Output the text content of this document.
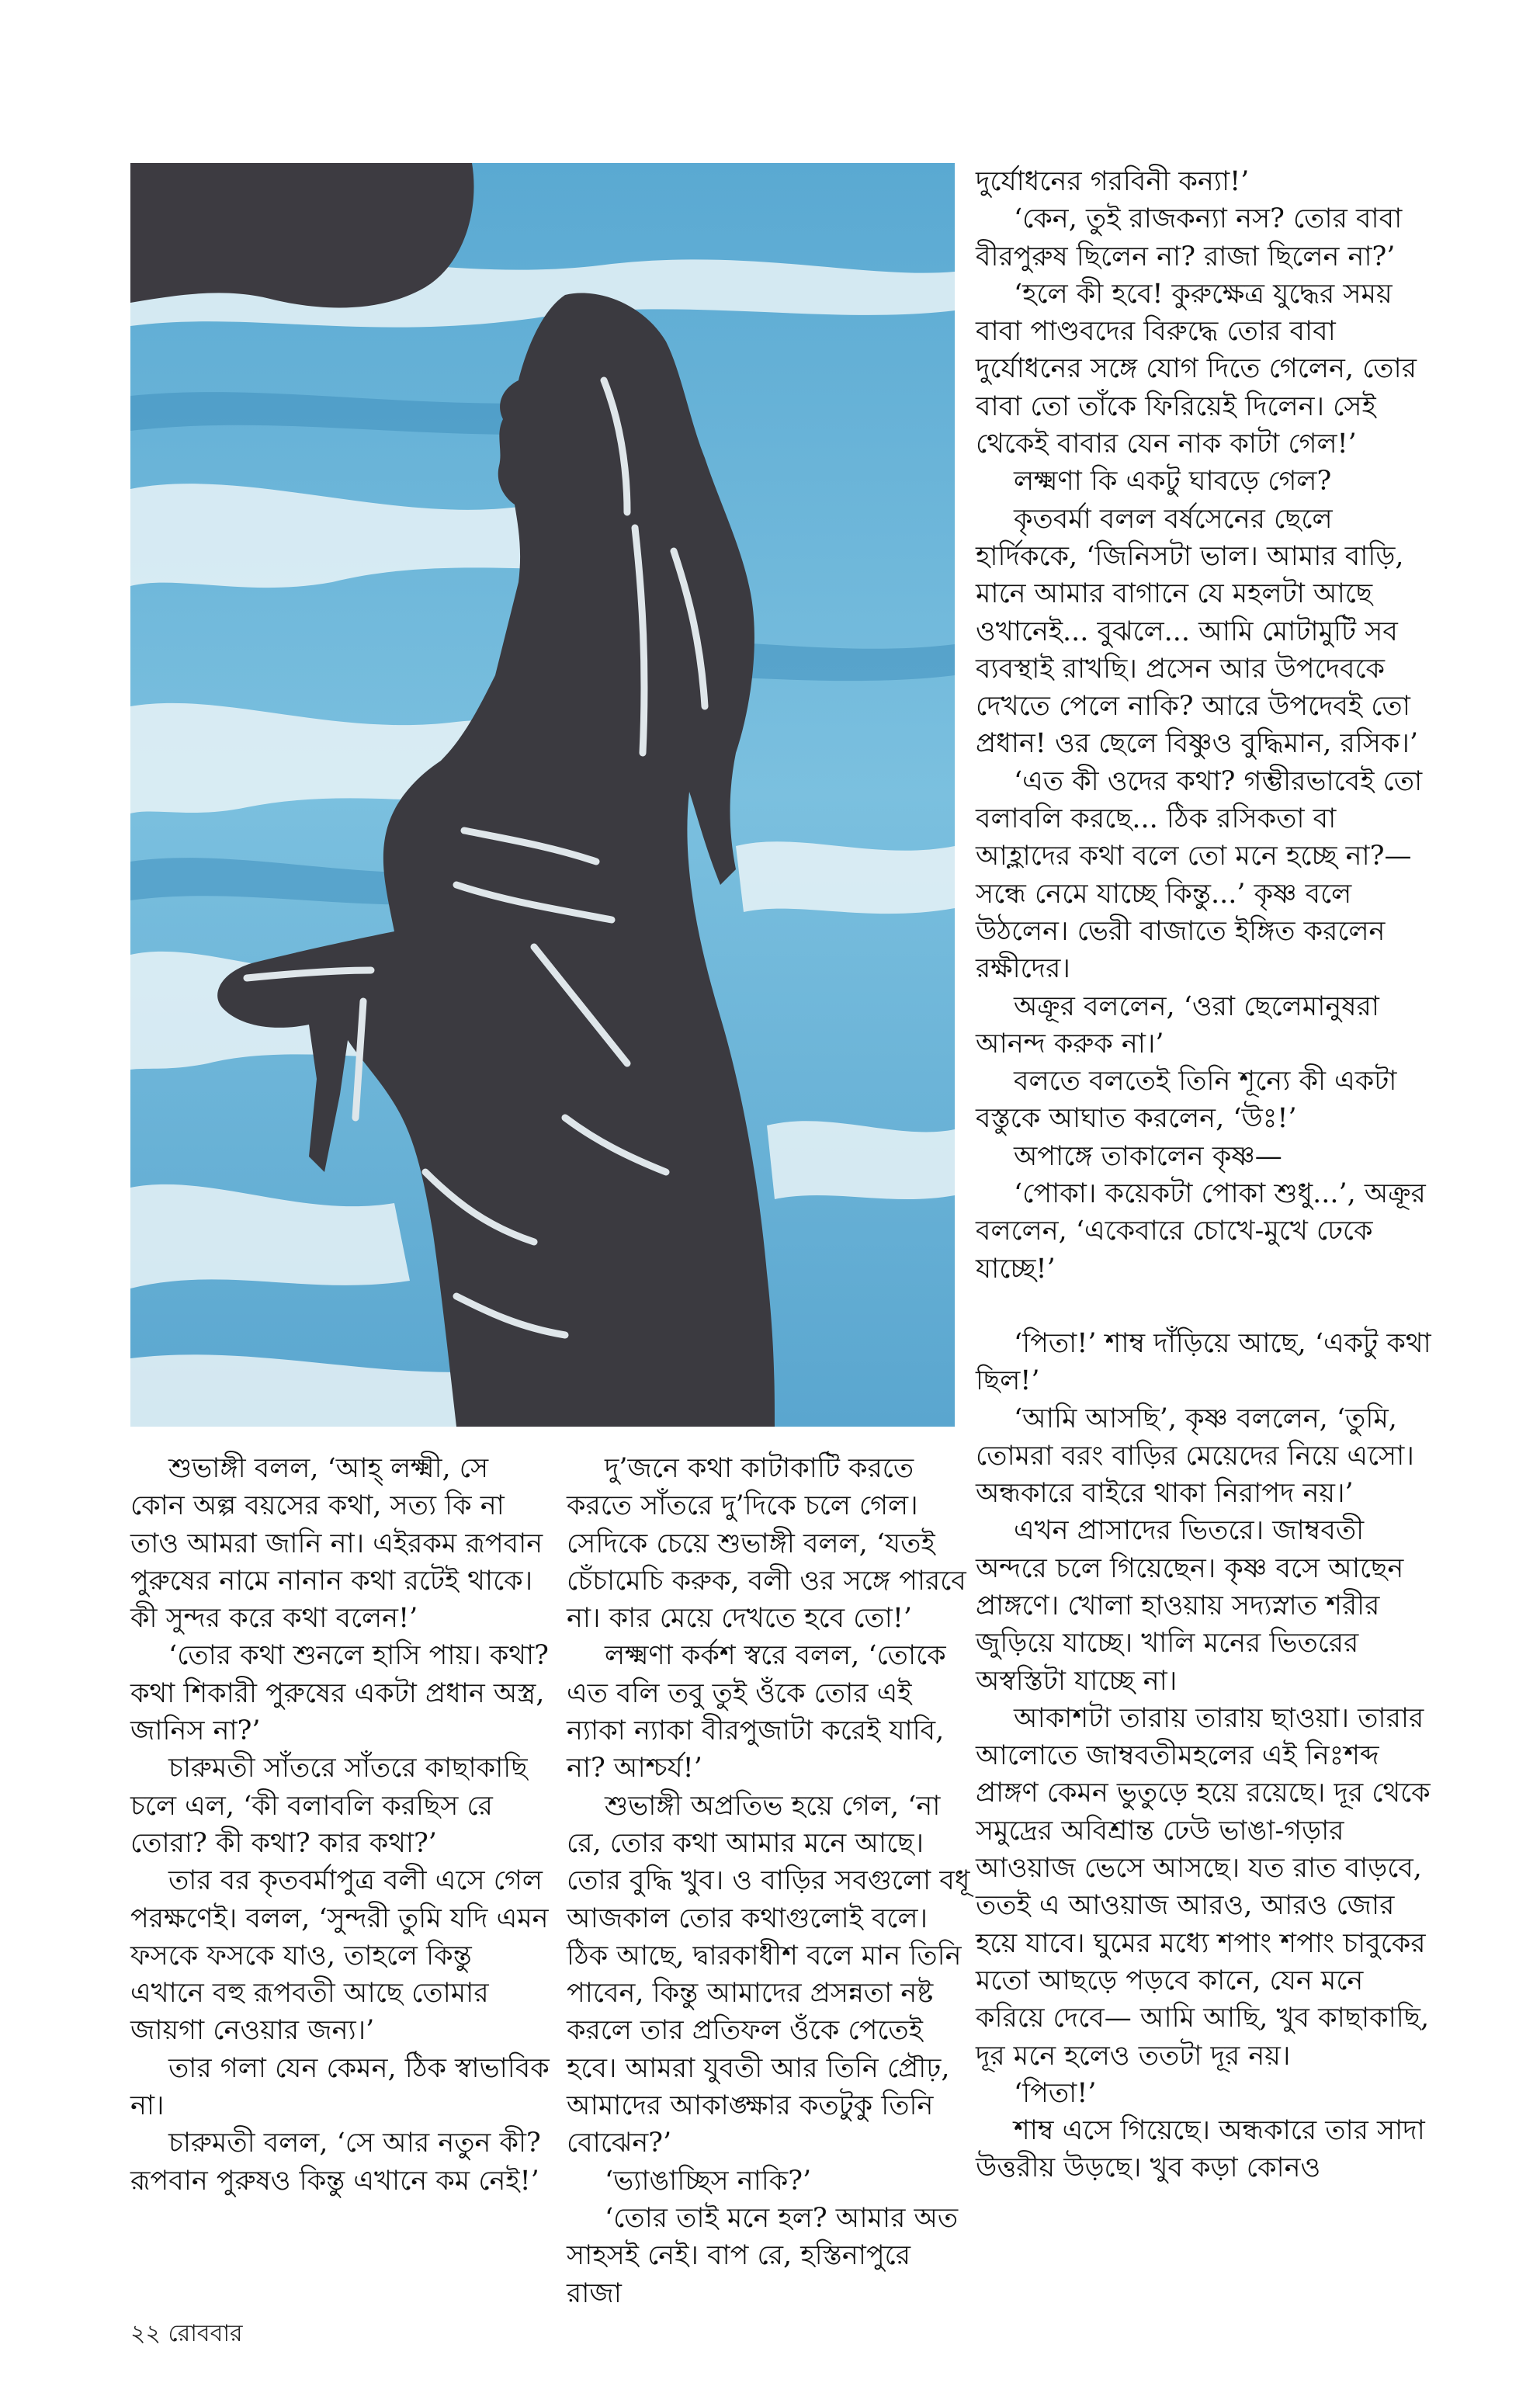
দুর্যোধনের গরবিনী কন্যা!’

‘কেন, তুই রাজকন্যা নস? তোর বাবা বীরপুরুষ ছিলেন না? রাজা ছিলেন না?’

‘হলে কী হবে! কুরুক্ষেত্র যুদ্ধের সময় বাবা পাণ্ডবদের বিরুদ্ধে তোর বাবা দুর্যোধনের সঙ্গে যোগ দিতে গেলেন, তোর বাবা তো তাঁকে ফিরিয়েই দিলেন। সেই থেকেই বাবার যেন নাক কাটা গেল!’

লক্ষ্মণা কি একটু ঘাবড়ে গেল?

কৃতবর্মা বলল বর্ষসেনের ছেলে হার্দিককে, ‘জিনিসটা ভাল। আমার বাড়ি, মানে আমার বাগানে যে মহলটা আছে ওখানেই... বুঝলে... আমি মোটামুটি সব ব্যবস্থাই রাখছি। প্রসেন আর উপদেবকে দেখতে পেলে নাকি? আরে উপদেবই তো প্রধান! ওর ছেলে বিষ্ণুও বুদ্ধিমান, রসিক।’

‘এত কী ওদের কথা? গম্ভীরভাবেই তো বলাবলি করছে... ঠিক রসিকতা বা আহ্লাদের কথা বলে তো মনে হচ্ছে না?—সন্ধে নেমে যাচ্ছে কিন্তু...’ কৃষ্ণ বলে উঠলেন। ভেরী বাজাতে ইঙ্গিত করলেন রক্ষীদের।

অক্রূর বললেন, ‘ওরা ছেলেমানুষরা আনন্দ করুক না।’

বলতে বলতেই তিনি শূন্যে কী একটা বস্তুকে আঘাত করলেন, ‘উঃ!’

অপাঙ্গে তাকালেন কৃষ্ণ—

‘পোকা। কয়েকটা পোকা শুধু...’, অক্রূর বললেন, ‘একেবারে চোখে-মুখে ঢেকে যাচ্ছে!’

‘পিতা!’ শাম্ব দাঁড়িয়ে আছে, ‘একটু কথা ছিল!’

‘আমি আসছি’, কৃষ্ণ বললেন, ‘তুমি, তোমরা বরং বাড়ির মেয়েদের নিয়ে এসো। অন্ধকারে বাইরে থাকা নিরাপদ নয়।’

এখন প্রাসাদের ভিতরে। জাম্ববতী অন্দরে চলে গিয়েছেন। কৃষ্ণ বসে আছেন প্রাঙ্গণে। খোলা হাওয়ায় সদ্যস্নাত শরীর জুড়িয়ে যাচ্ছে। খালি মনের ভিতরের অস্বস্তিটা যাচ্ছে না।

আকাশটা তারায় তারায় ছাওয়া। তারার আলোতে জাম্ববতীমহলের এই নিঃশব্দ প্রাঙ্গণ কেমন ভুতুড়ে হয়ে রয়েছে। দূর থেকে সমুদ্রের অবিশ্রান্ত ঢেউ ভাঙা-গড়ার আওয়াজ ভেসে আসছে। যত রাত বাড়বে, ততই এ আওয়াজ আরও, আরও জোর হয়ে যাবে। ঘুমের মধ্যে শপাং শপাং চাবুকের মতো আছড়ে পড়বে কানে, যেন মনে করিয়ে দেবে— আমি আছি, খুব কাছাকাছি, দূর মনে হলেও ততটা দূর নয়।

‘পিতা!’

শাম্ব এসে গিয়েছে। অন্ধকারে তার সাদা উত্তরীয় উড়ছে। খুব কড়া কোনও

শুভাঙ্গী বলল, ‘আহ্ লক্ষ্মী, সে কোন অল্প বয়সের কথা, সত্য কি না তাও আমরা জানি না। এইরকম রূপবান পুরুষের নামে নানান কথা রটেই থাকে। কী সুন্দর করে কথা বলেন!’

‘তোর কথা শুনলে হাসি পায়। কথা? কথা শিকারী পুরুষের একটা প্রধান অস্ত্র, জানিস না?’

চারুমতী সাঁতরে সাঁতরে কাছাকাছি চলে এল, ‘কী বলাবলি করছিস রে তোরা? কী কথা? কার কথা?’

তার বর কৃতবর্মাপুত্র বলী এসে গেল পরক্ষণেই। বলল, ‘সুন্দরী তুমি যদি এমন ফসকে ফসকে যাও, তাহলে কিন্তু এখানে বহু রূপবতী আছে তোমার জায়গা নেওয়ার জন্য।’

তার গলা যেন কেমন, ঠিক স্বাভাবিক না।

চারুমতী বলল, ‘সে আর নতুন কী? রূপবান পুরুষও কিন্তু এখানে কম নেই!’

দু’জনে কথা কাটাকাটি করতে করতে সাঁতরে দু’দিকে চলে গেল। সেদিকে চেয়ে শুভাঙ্গী বলল, ‘যতই চেঁচামেচি করুক, বলী ওর সঙ্গে পারবে না। কার মেয়ে দেখতে হবে তো!’

লক্ষ্মণা কর্কশ স্বরে বলল, ‘তোকে এত বলি তবু তুই ওঁকে তোর এই ন্যাকা ন্যাকা বীরপুজাটা করেই যাবি, না? আশ্চর্য!’

শুভাঙ্গী অপ্রতিভ হয়ে গেল, ‘না রে, তোর কথা আমার মনে আছে। তোর বুদ্ধি খুব। ও বাড়ির সবগুলো বধূ আজকাল তোর কথাগুলোই বলে। ঠিক আছে, দ্বারকাধীশ বলে মান তিনি পাবেন, কিন্তু আমাদের প্রসন্নতা নষ্ট করলে তার প্রতিফল ওঁকে পেতেই হবে। আমরা যুবতী আর তিনি প্রৌঢ়, আমাদের আকাঙ্ক্ষার কতটুকু তিনি বোঝেন?’

‘ভ্যাঙাচ্ছিস নাকি?’

‘তোর তাই মনে হল? আমার অত সাহসই নেই। বাপ রে, হস্তিনাপুরে রাজা

২২ রোববার
